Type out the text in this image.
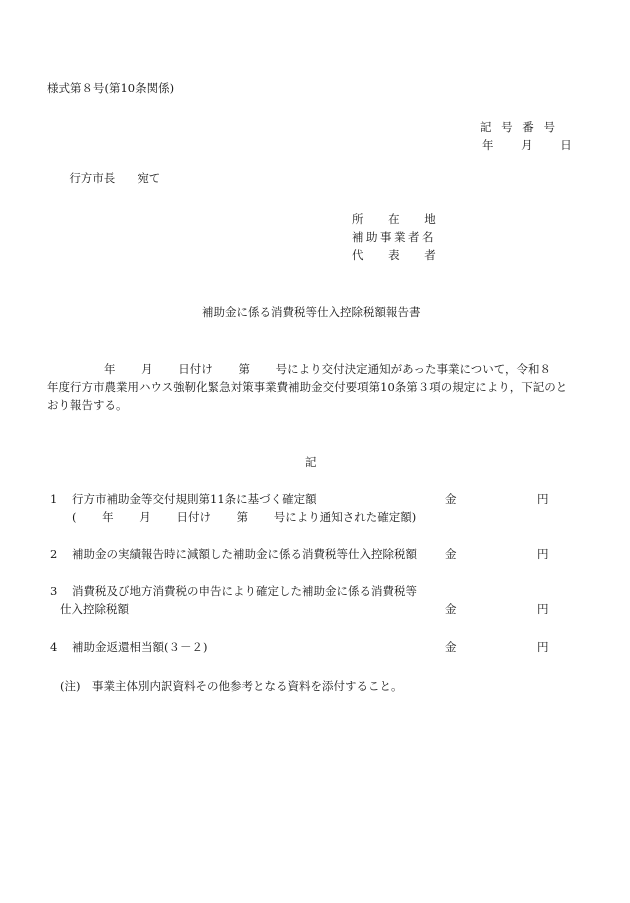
様式第８号(第10条関係)
記 号 番 号
年 月 日

行方市長 宛て

所 在 地
補助事業者名
代 表 者
補助金に係る消費税等仕入控除税額報告書
年 月 日付け 第 号により交付決定通知があった事業について，令和８
年度行方市農業用ハウス強靭化緊急対策事業費補助金交付要項第10条第３項の規定により，下記のと
おり報告する。
記
1 行方市補助金等交付規則第11条に基づく確定額	金	円
( 年 月 日付け 第 号により通知された確定額)
2 補助金の実績報告時に減額した補助金に係る消費税等仕入控除税額 金	円
3 消費税及び地方消費税の申告により確定した補助金に係る消費税等
仕入控除税額	金	円
4 補助金返還相当額(３－２)	金	円
(注)　事業主体別内訳資料その他参考となる資料を添付すること。
